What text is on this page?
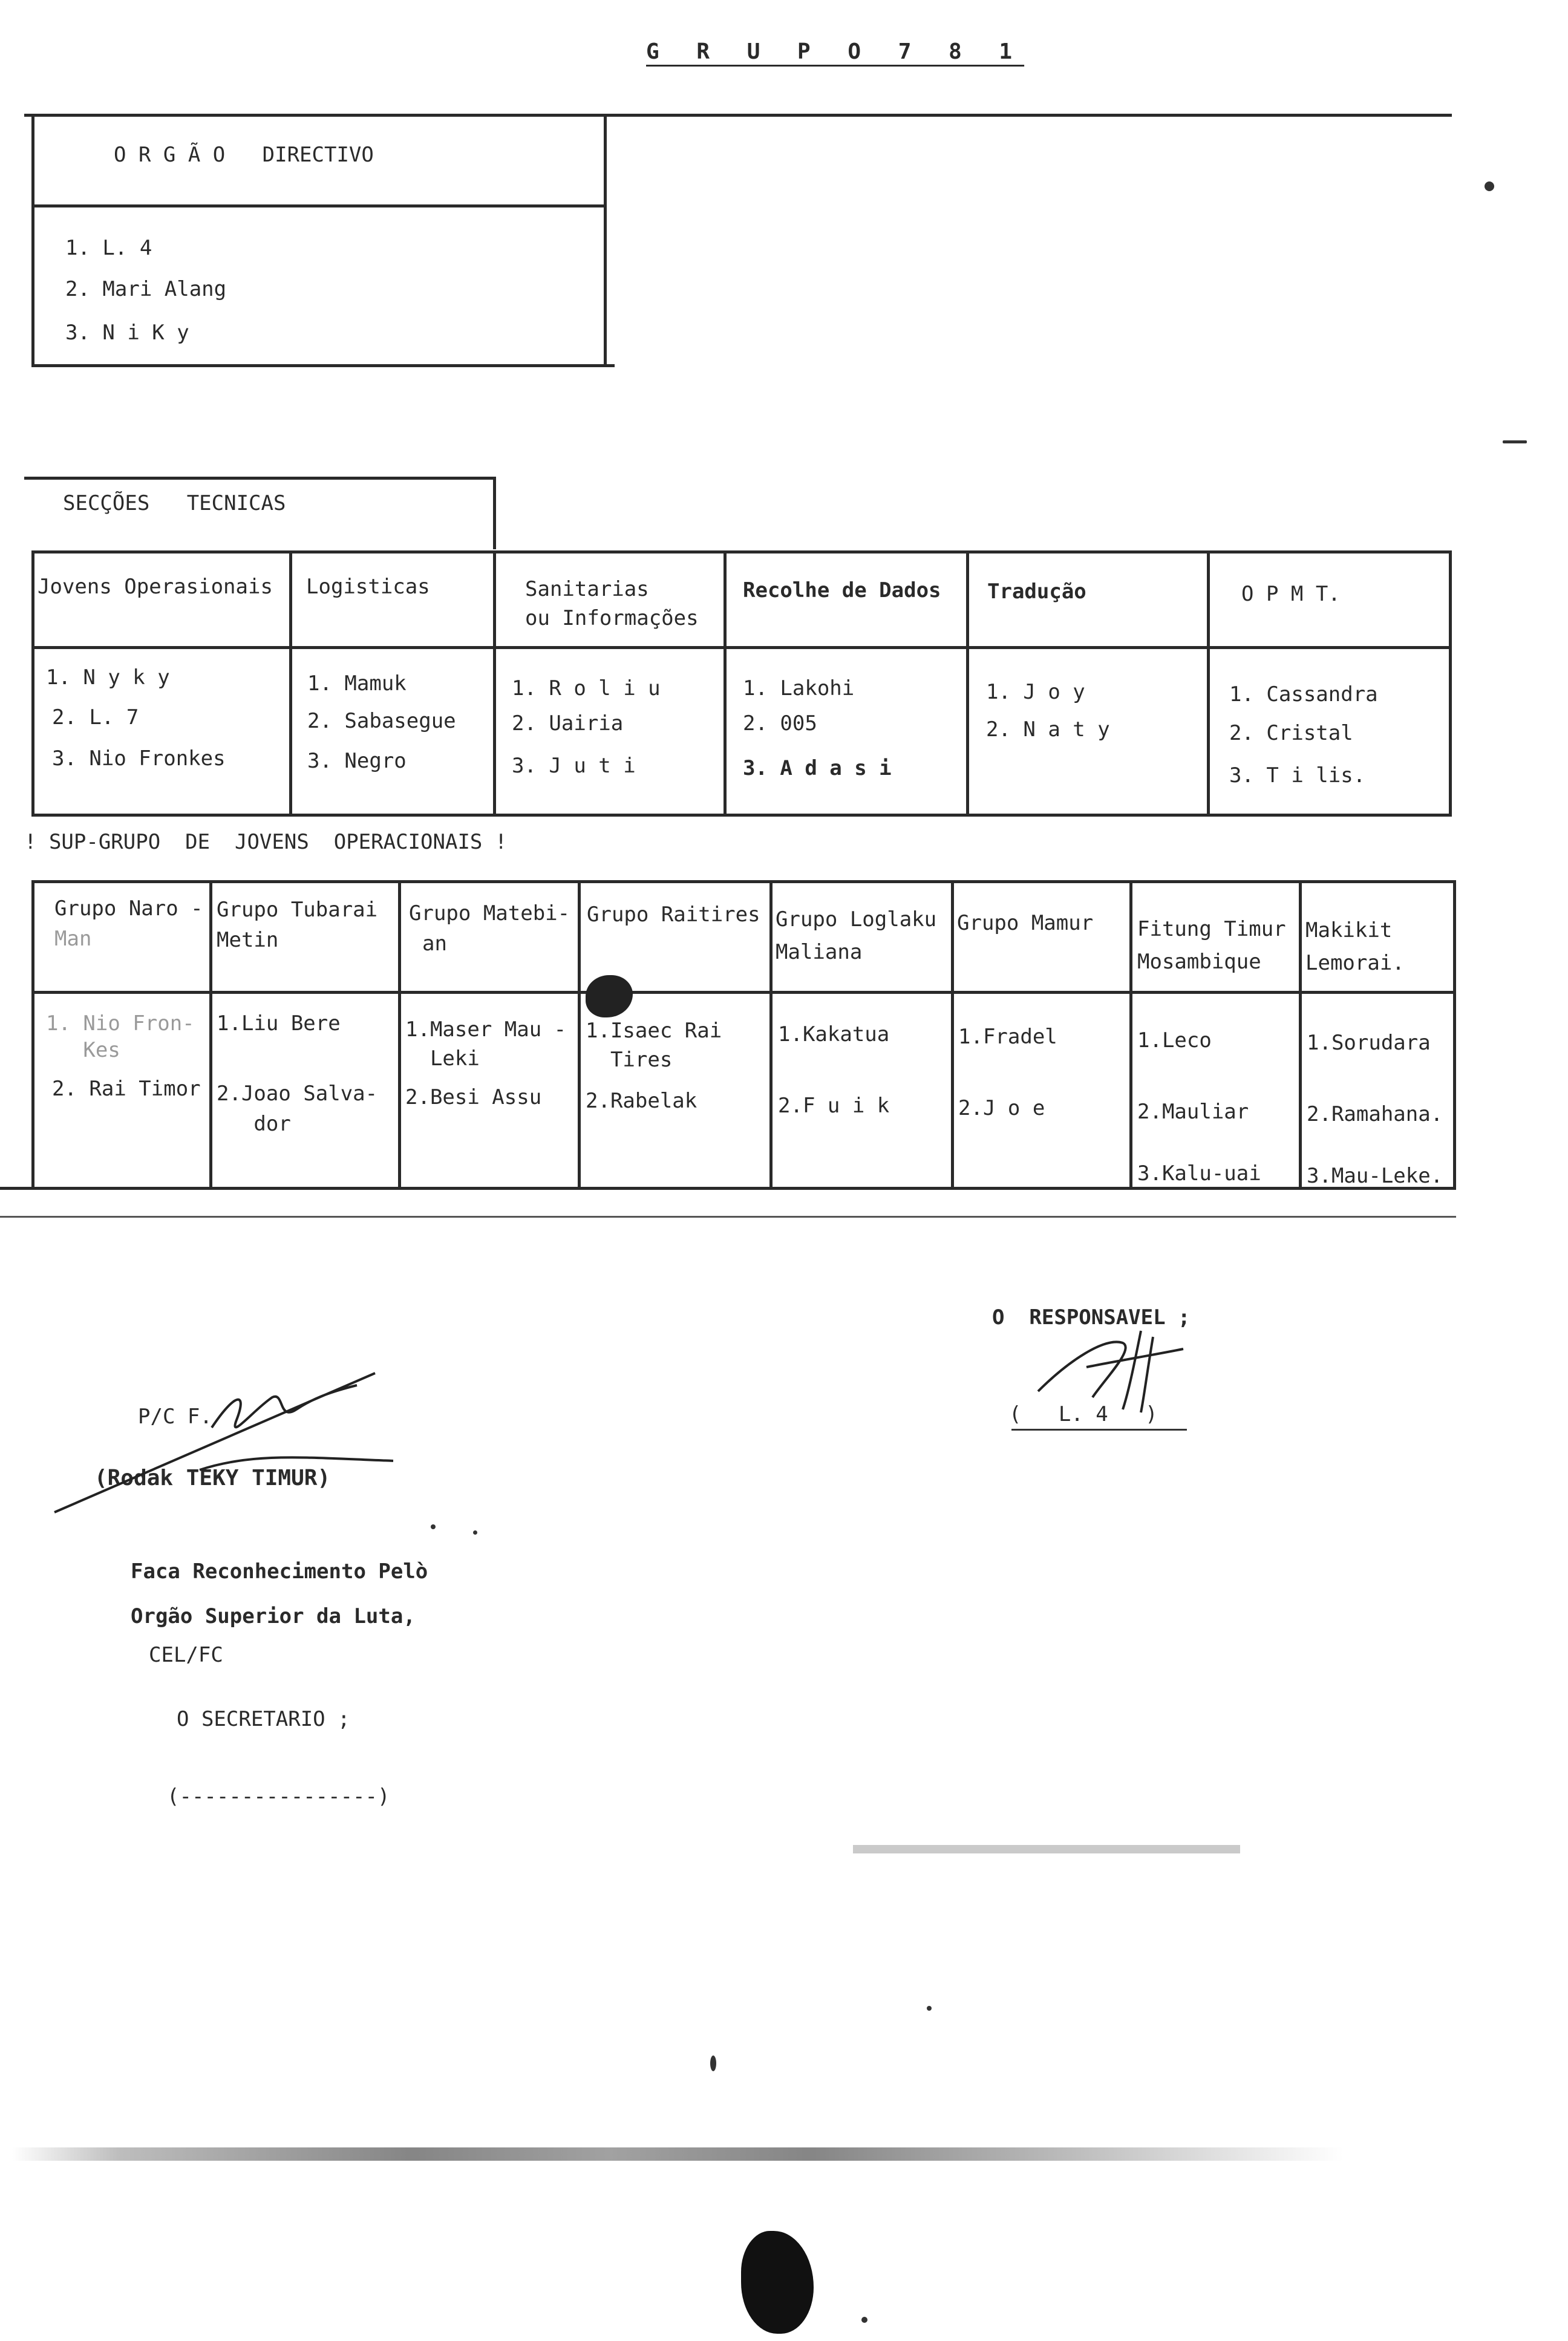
G R U P O 7 8 1
O R G Ã O   DIRECTIVO
1. L. 4
2. Mari Alang
3. N i K y
SECÇÕES   TECNICAS
Jovens Operasionais Logisticas	Sanitarias
ou Informações
Recolhe de Dados Tradução	O P M T.
1. N y k y
2. L. 7
3. Nio Fronkes
1. Mamuk
2. Sabasegue
3. Negro
1. R o l i u
2. Uairia
3. J u t i
1. Lakohi
2. 005
3. A d a s i
1. J o y
2. N a t y
1. Cassandra
2. Cristal
3. T i lis.
! SUP-GRUPO  DE  JOVENS  OPERACIONAIS !
Grupo Naro -
Man
Grupo Tubarai
Metin
Grupo Matebi-
an
Grupo Raitires Grupo Loglaku
Maliana
Grupo Mamur Fitung Timur
Mosambique
Makikit
Lemorai.
1. Nio Fron-
Kes
2. Rai Timor
1.Liu Bere
2.Joao Salva-
dor
1.Maser Mau -
Leki
2.Besi Assu
1.Isaec Rai
Tires
2.Rabelak
1.Kakatua
2.F u i k
1.Fradel
2.J o e
1.Leco
2.Mauliar
3.Kalu-uai
1.Sorudara
2.Ramahana.
3.Mau-Leke.
O  RESPONSAVEL ;
(   L. 4   )
P/C F.
(Rodak TEKY TIMUR)
Faca Reconhecimento Pelò
Orgão Superior da Luta,
CEL/FC
O SECRETARIO ;
(----------------)
